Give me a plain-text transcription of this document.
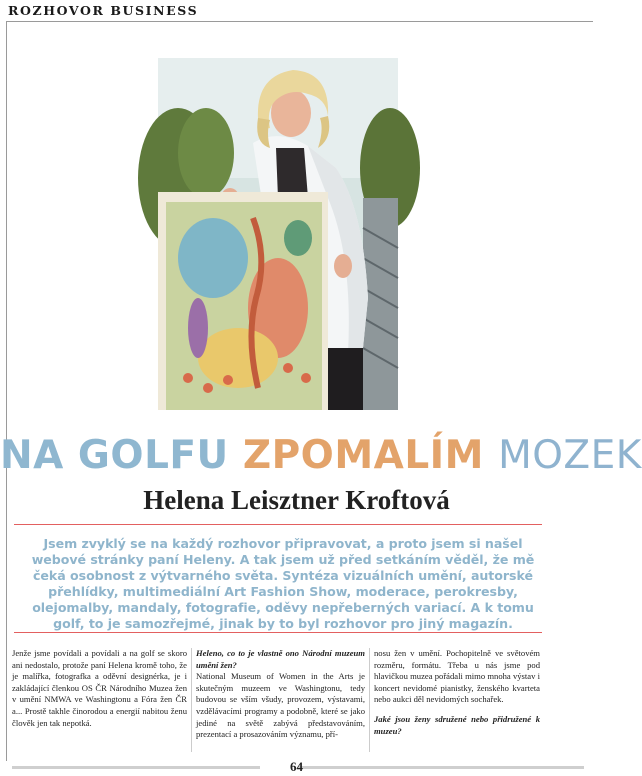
ROZHOVOR BUSINESS
NA GOLFU ZPOMALÍM MOZEK
Helena Leisztner Kroftová
Jsem zvyklý se na každý rozhovor připravovat, a proto jsem si našel webové stránky paní Heleny. A tak jsem už před setkáním věděl, že mě čeká osobnost z výtvarného světa. Syntéza vizuálních umění, autorské přehlídky, multimediální Art Fashion Show, moderace, perokresby, olejomalby, mandaly, fotografie, oděvy nepřeberných variací. A k tomu golf, to je samozřejmé, jinak by to byl rozhovor pro jiný magazín.

Jenže jsme povídali a povídali a na golf se skoro ani nedostalo, protože paní Helena kromě toho, že je malířka, fotografka a oděvní designérka, je i zakládající členkou OS ČR Národního Muzea žen v umění NMWA ve Washingtonu a Fóra žen ČR a... Prostě takhle činorodou a energií nabitou ženu člověk jen tak nepotká.

Heleno, co to je vlastně ono Národní muzeum umění žen?

National Museum of Women in the Arts je skutečným muzeem ve Washingtonu, tedy budovou se vším všudy, provozem, výstavami, vzdělávacími programy a podobně, které se jako jediné na světě zabývá představováním, prezentací a prosazováním významu, pří-

nosu žen v umění. Pochopitelně ve světovém rozměru, formátu. Třeba u nás jsme pod hlavičkou muzea pořádali mimo mnoha výstav i koncert nevidomé pianistky, ženského kvarteta nebo aukci děl nevidomých sochařek.

Jaké jsou ženy sdružené nebo přidružené k muzeu?

64
